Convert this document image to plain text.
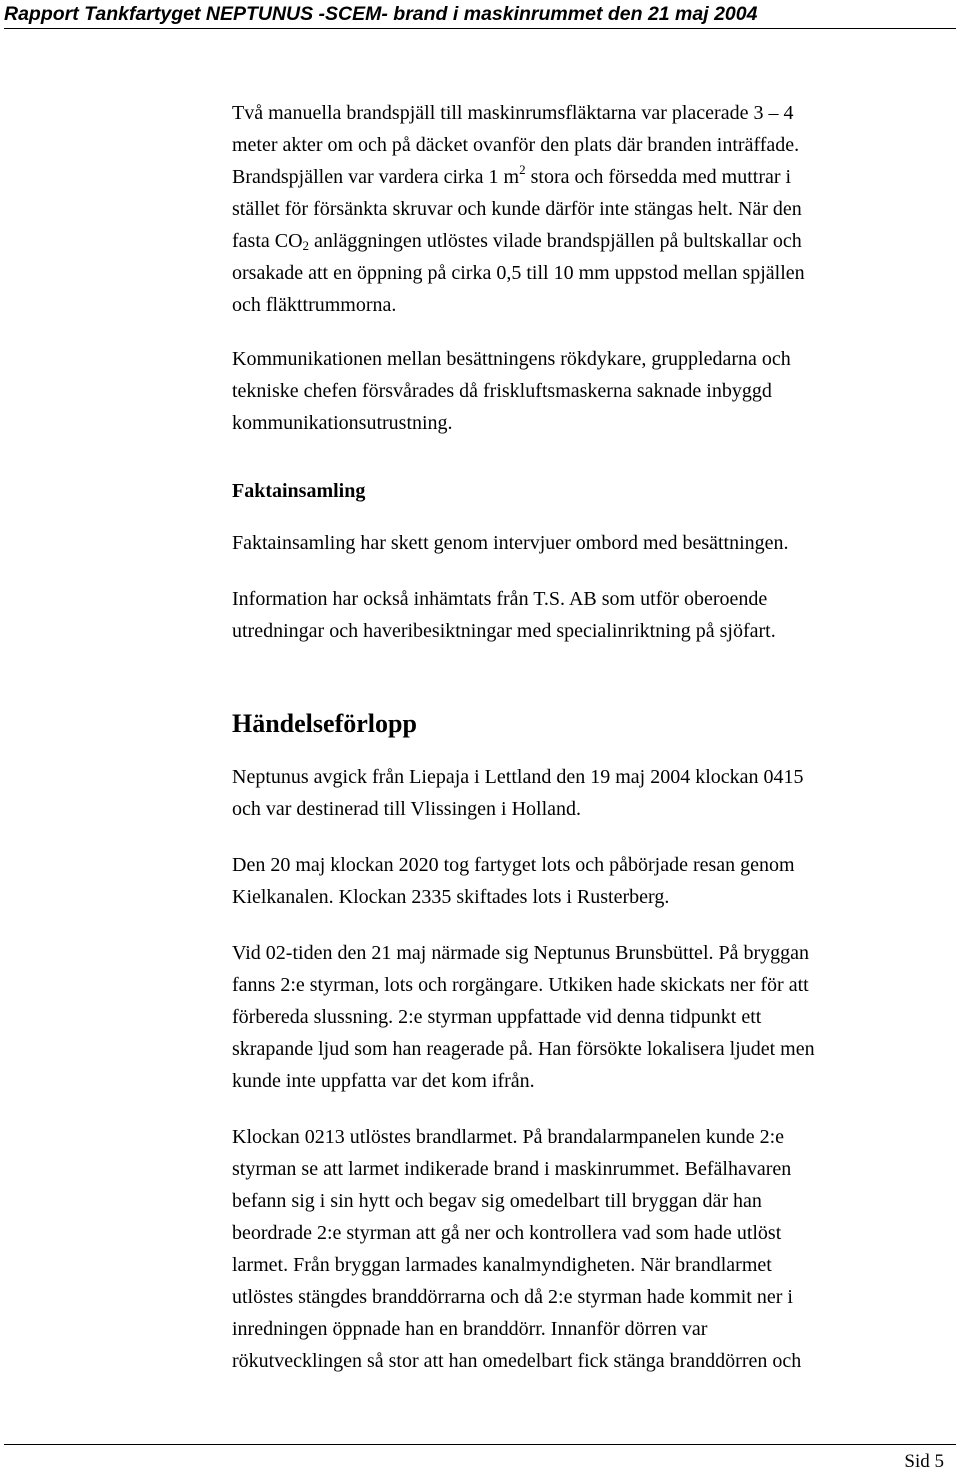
Rapport Tankfartyget NEPTUNUS -SCEM- brand i maskinrummet den 21 maj 2004

Två manuella brandspjäll till maskinrumsfläktarna var placerade 3 – 4
meter akter om och på däcket ovanför den plats där branden inträffade.
Brandspjällen var vardera cirka 1 $m^2$ stora och försedda med muttrar i
stället för försänkta skruvar och kunde därför inte stängas helt. När den
fasta $CO_2$ anläggningen utlöstes vilade brandspjällen på bultskallar och
orsakade att en öppning på cirka 0,5 till 10 mm uppstod mellan spjällen
och fläkttrummorna.

Kommunikationen mellan besättningens rökdykare, gruppledarna och
tekniske chefen försvårades då friskluftsmaskerna saknade inbyggd
kommunikationsutrustning.

Faktainsamling

Faktainsamling har skett genom intervjuer ombord med besättningen.

Information har också inhämtats från T.S. AB som utför oberoende
utredningar och haveribesiktningar med specialinriktning på sjöfart.

Händelseförlopp

Neptunus avgick från Liepaja i Lettland den 19 maj 2004 klockan 0415
och var destinerad till Vlissingen i Holland.

Den 20 maj klockan 2020 tog fartyget lots och påbörjade resan genom
Kielkanalen. Klockan 2335 skiftades lots i Rusterberg.

Vid 02-tiden den 21 maj närmade sig Neptunus Brunsbüttel. På bryggan
fanns 2:e styrman, lots och rorgängare. Utkiken hade skickats ner för att
förbereda slussning. 2:e styrman uppfattade vid denna tidpunkt ett
skrapande ljud som han reagerade på. Han försökte lokalisera ljudet men
kunde inte uppfatta var det kom ifrån.

Klockan 0213 utlöstes brandlarmet. På brandalarmpanelen kunde 2:e
styrman se att larmet indikerade brand i maskinrummet. Befälhavaren
befann sig i sin hytt och begav sig omedelbart till bryggan där han
beordrade 2:e styrman att gå ner och kontrollera vad som hade utlöst
larmet. Från bryggan larmades kanalmyndigheten. När brandlarmet
utlöstes stängdes branddörrarna och då 2:e styrman hade kommit ner i
inredningen öppnade han en branddörr. Innanför dörren var
rökutvecklingen så stor att han omedelbart fick stänga branddörren och

Sid 5
